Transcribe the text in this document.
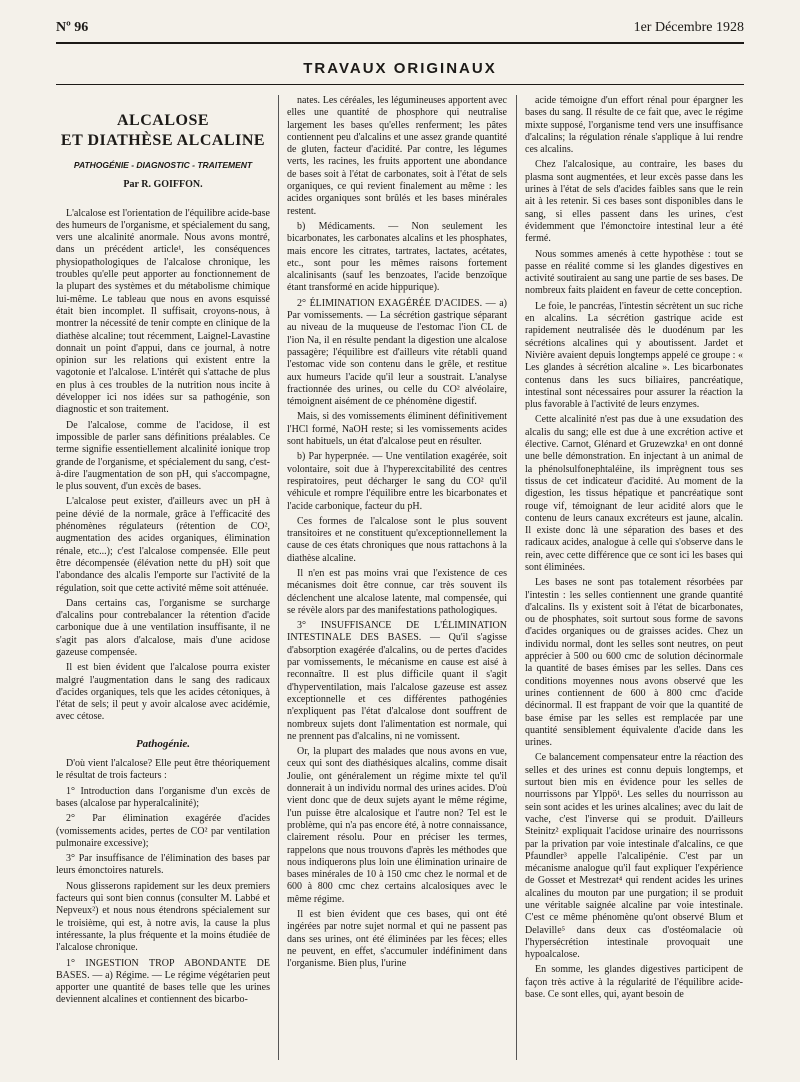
Nº 96	1er Décembre 1928
TRAVAUX ORIGINAUX
ALCALOSE
ET DIATHÈSE ALCALINE
PATHOGÉNIE - DIAGNOSTIC - TRAITEMENT
Par R. GOIFFON.

L'alcalose est l'orientation de l'équilibre acide-base des humeurs de l'organisme, et spécialement du sang, vers une alcalinité anormale. Nous avons montré, dans un précédent article¹, les conséquences physiopathologiques de l'alcalose chronique, les troubles qu'elle peut apporter au fonctionnement de la plupart des systèmes et du métabolisme chimique lui-même. Le tableau que nous en avons esquissé était bien incomplet. Il suffisait, croyons-nous, à montrer la nécessité de tenir compte en clinique de la diathèse alcaline; tout récemment, Laignel-Lavastine donnait un point d'appui, dans ce journal, à notre opinion sur les relations qui existent entre la vagotonie et l'alcalose. L'intérêt qui s'attache de plus en plus à ces troubles de la nutrition nous incite à développer ici nos idées sur sa pathogénie, son diagnostic et son traitement.

De l'alcalose, comme de l'acidose, il est impossible de parler sans définitions préalables. Ce terme signifie essentiellement alcalinité ionique trop grande de l'organisme, et spécialement du sang, c'est-à-dire l'augmentation de son pH, qui s'accompagne, le plus souvent, d'un excès de bases.

L'alcalose peut exister, d'ailleurs avec un pH à peine dévié de la normale, grâce à l'efficacité des phénomènes régulateurs (rétention de CO², augmentation des acides organiques, élimination rénale, etc...); c'est l'alcalose compensée. Elle peut être décompensée (élévation nette du pH) soit que l'abondance des alcalis l'emporte sur l'activité de la régulation, soit que cette activité même soit atténuée.

Dans certains cas, l'organisme se surcharge d'alcalins pour contrebalancer la rétention d'acide carbonique due à une ventilation insuffisante, il ne s'agit pas alors d'alcalose, mais d'une acidose gazeuse compensée.

Il est bien évident que l'alcalose pourra exister malgré l'augmentation dans le sang des radicaux d'acides organiques, tels que les acides cétoniques, à l'état de sels; il peut y avoir alcalose avec acidémie, avec cétose.

Pathogénie.

D'où vient l'alcalose? Elle peut être théoriquement le résultat de trois facteurs :

1° Introduction dans l'organisme d'un excès de bases (alcalose par hyperalcalinité);

2° Par élimination exagérée d'acides (vomissements acides, pertes de CO² par ventilation pulmonaire excessive);

3° Par insuffisance de l'élimination des bases par leurs émonctoires naturels.

Nous glisserons rapidement sur les deux premiers facteurs qui sont bien connus (consulter M. Labbé et Nepveux²) et nous nous étendrons spécialement sur le troisième, qui est, à notre avis, la cause la plus intéressante, la plus fréquente et la moins étudiée de l'alcalose chronique.

1° INGESTION TROP ABONDANTE DE BASES. — a) Régime. — Le régime végétarien peut apporter une quantité de bases telle que les urines deviennent alcalines et contiennent des bicarbo-

nates. Les céréales, les légumineuses apportent avec elles une quantité de phosphore qui neutralise largement les bases qu'elles renferment; les pâtes contiennent peu d'alcalins et une assez grande quantité de gluten, facteur d'acidité. Par contre, les légumes verts, les racines, les fruits apportent une abondance de bases soit à l'état de carbonates, soit à l'état de sels organiques, ce qui revient finalement au même : les acides organiques sont brûlés et les bases minérales restent.

b) Médicaments. — Non seulement les bicarbonates, les carbonates alcalins et les phosphates, mais encore les citrates, tartrates, lactates, acétates, etc., sont pour les mêmes raisons fortement alcalinisants (sauf les benzoates, l'acide benzoïque étant transformé en acide hippurique).

2° ÉLIMINATION EXAGÉRÉE D'ACIDES. — a) Par vomissements. — La sécrétion gastrique séparant au niveau de la muqueuse de l'estomac l'ion CL de l'ion Na, il en résulte pendant la digestion une alcalose passagère; l'équilibre est d'ailleurs vite rétabli quand l'estomac vide son contenu dans le grêle, et restitue aux humeurs l'acide qu'il leur a soustrait. L'analyse fractionnée des urines, ou celle du CO² alvéolaire, témoignent aisément de ce phénomène digestif.

Mais, si des vomissements éliminent définitivement l'HCl formé, NaOH reste; si les vomissements acides sont habituels, un état d'alcalose peut en résulter.

b) Par hyperpnée. — Une ventilation exagérée, soit volontaire, soit due à l'hyperexcitabilité des centres respiratoires, peut décharger le sang du CO² qu'il véhicule et rompre l'équilibre entre les bicarbonates et l'acide carbonique, facteur du pH.

Ces formes de l'alcalose sont le plus souvent transitoires et ne constituent qu'exceptionnellement la cause de ces états chroniques que nous rattachons à la diathèse alcaline.

Il n'en est pas moins vrai que l'existence de ces mécanismes doit être connue, car très souvent ils déclenchent une alcalose latente, mal compensée, qui se révèle alors par des manifestations pathologiques.

3° INSUFFISANCE DE L'ÉLIMINATION INTESTINALE DES BASES. — Qu'il s'agisse d'absorption exagérée d'alcalins, ou de pertes d'acides par vomissements, le mécanisme en cause est aisé à reconnaître. Il est plus difficile quant il s'agit d'hyperventilation, mais l'alcalose gazeuse est assez exceptionnelle et ces différentes pathogénies n'expliquent pas l'état d'alcalose dont souffrent de nombreux sujets dont l'alimentation est normale, qui ne prennent pas d'alcalins, ni ne vomissent.

Or, la plupart des malades que nous avons en vue, ceux qui sont des diathésiques alcalins, comme disait Joulie, ont généralement un régime mixte tel qu'il donnerait à un individu normal des urines acides. D'où vient donc que de deux sujets ayant le même régime, l'un puisse être alcalosique et l'autre non? Tel est le problème, qui n'a pas encore été, à notre connaissance, clairement résolu. Pour en préciser les termes, rappelons que nous trouvons d'après les méthodes que nous indiquerons plus loin une élimination urinaire de bases minérales de 10 à 150 cmc chez le normal et de 600 à 800 cmc chez certains alcalosiques avec le même régime.

Il est bien évident que ces bases, qui ont été ingérées par notre sujet normal et qui ne passent pas dans ses urines, ont été éliminées par les fèces; elles ne peuvent, en effet, s'accumuler indéfiniment dans l'organisme. Bien plus, l'urine

acide témoigne d'un effort rénal pour épargner les bases du sang. Il résulte de ce fait que, avec le régime mixte supposé, l'organisme tend vers une insuffisance d'alcalins; la régulation rénale s'applique à lui rendre ces alcalins.

Chez l'alcalosique, au contraire, les bases du plasma sont augmentées, et leur excès passe dans les urines à l'état de sels d'acides faibles sans que le rein ait à les retenir. Si ces bases sont disponibles dans le sang, si elles passent dans les urines, c'est évidemment que l'émonctoire intestinal leur a été fermé.

Nous sommes amenés à cette hypothèse : tout se passe en réalité comme si les glandes digestives en activité soutiraient au sang une partie de ses bases. De nombreux faits plaident en faveur de cette conception.

Le foie, le pancréas, l'intestin sécrètent un suc riche en alcalins. La sécrétion gastrique acide est rapidement neutralisée dès le duodénum par les sécrétions alcalines qui y aboutissent. Jardet et Nivière avaient depuis longtemps appelé ce groupe : « Les glandes à sécrétion alcaline ». Les bicarbonates contenus dans les sucs biliaires, pancréatique, intestinal sont nécessaires pour assurer la réaction la plus favorable à l'activité de leurs enzymes.

Cette alcalinité n'est pas due à une exsudation des alcalis du sang; elle est due à une excrétion active et élective. Carnot, Glénard et Gruzewzka¹ en ont donné une belle démonstration. En injectant à un animal de la phénolsulfonephtaléine, ils imprègnent tous ses tissus de cet indicateur d'acidité. Au moment de la digestion, les tissus hépatique et pancréatique sont rouge vif, témoignant de leur acidité alors que le contenu de leurs canaux excréteurs est jaune, alcalin. Il existe donc là une séparation des bases et des radicaux acides, analogue à celle qui s'observe dans le rein, avec cette différence que ce sont ici les bases qui sont éliminées.

Les bases ne sont pas totalement résorbées par l'intestin : les selles contiennent une grande quantité d'alcalins. Ils y existent soit à l'état de bicarbonates, ou de phosphates, soit surtout sous forme de savons d'acides organiques ou de graisses acides. Chez un individu normal, dont les selles sont neutres, on peut apprécier à 500 ou 600 cmc de solution décinormale la quantité de bases émises par les selles. Dans ces conditions moyennes nous avons observé que les urines contiennent de 600 à 800 cmc d'acide décinormal. Il est frappant de voir que la quantité de base émise par les selles est remplacée par une quantité sensiblement équivalente d'acide dans les urines.

Ce balancement compensateur entre la réaction des selles et des urines est connu depuis longtemps, et surtout bien mis en évidence pour les selles de nourrissons par Ylppö¹. Les selles du nourrisson au sein sont acides et les urines alcalines; avec du lait de vache, c'est l'inverse qui se produit. D'ailleurs Steinitz² expliquait l'acidose urinaire des nourrissons par la privation par voie intestinale d'alcalins, ce que Pfaundler³ appelle l'alcalipénie. C'est par un mécanisme analogue qu'il faut expliquer l'expérience de Gosset et Mestrezat⁴ qui rendent acides les urines alcalines du mouton par une purgation; il se produit une véritable saignée alcaline par voie intestinale. C'est ce même phénomène qu'ont observé Blum et Delaville⁵ dans deux cas d'ostéomalacie où l'hypersécrétion intestinale provoquait une hypoalcalose.

En somme, les glandes digestives participent de façon très active à la régularité de l'équilibre acide-base. Ce sont elles, qui, ayant besoin de
